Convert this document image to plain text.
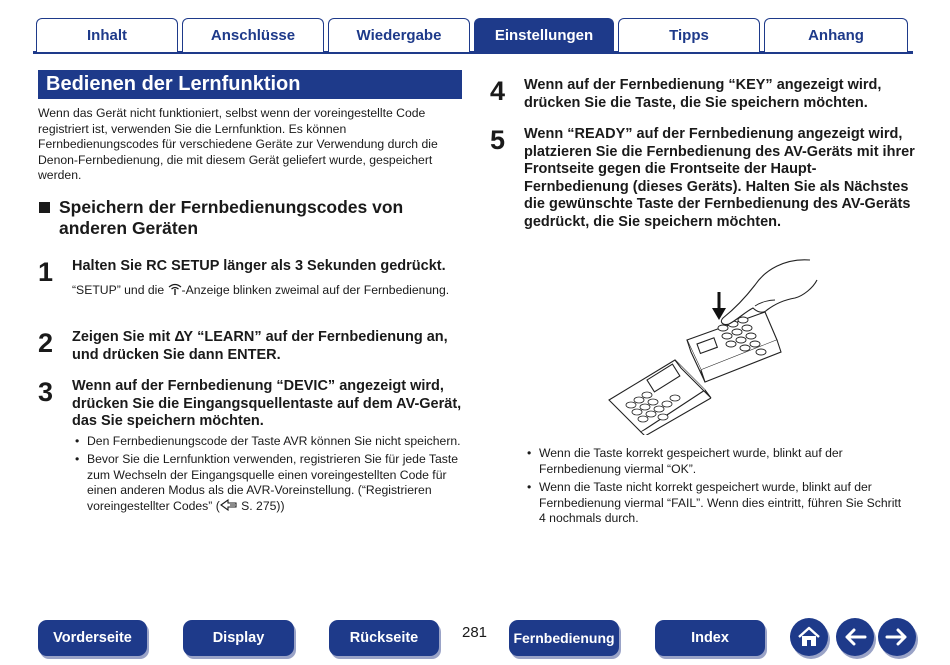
Inhalt	Anschlüsse	Wiedergabe	Einstellungen	Tipps	Anhang
Bedienen der Lernfunktion
Wenn das Gerät nicht funktioniert, selbst wenn der voreingestellte Code registriert ist, verwenden Sie die Lernfunktion. Es können Fernbedienungscodes für verschiedene Geräte zur Verwendung durch die Denon-Fernbedienung, die mit diesem Gerät geliefert wurde, gespeichert werden.
Speichern der Fernbedienungscodes von anderen Geräten
1	Halten Sie RC SETUP länger als 3 Sekunden gedrückt.
“SETUP” und die -Anzeige blinken zweimal auf der Fernbedienung.
2	Zeigen Sie mit ΔΥ “LEARN” auf der Fernbedienung an, und drücken Sie dann ENTER.
3	Wenn auf der Fernbedienung “DEVIC” angezeigt wird, drücken Sie die Eingangsquellentaste auf dem AV-Gerät, das Sie speichern möchten.
• Den Fernbedienungscode der Taste AVR können Sie nicht speichern.
• Bevor Sie die Lernfunktion verwenden, registrieren Sie für jede Taste zum Wechseln der Eingangsquelle einen voreingestellten Code für einen anderen Modus als die AVR-Voreinstellung. (“Registrieren voreingestellter Codes” ( S. 275))
4	Wenn auf der Fernbedienung “KEY” angezeigt wird, drücken Sie die Taste, die Sie speichern möchten.
5	Wenn “READY” auf der Fernbedienung angezeigt wird, platzieren Sie die Fernbedienung des AV-Geräts mit ihrer Frontseite gegen die Frontseite der Haupt-Fernbedienung (dieses Geräts). Halten Sie als Nächstes die gewünschte Taste der Fernbedienung des AV-Geräts gedrückt, die Sie speichern möchten.
• Wenn die Taste korrekt gespeichert wurde, blinkt auf der Fernbedienung viermal “OK”.
• Wenn die Taste nicht korrekt gespeichert wurde, blinkt auf der Fernbedienung viermal “FAIL”. Wenn dies eintritt, führen Sie Schritt 4 nochmals durch.
Vorderseite	Display	Rückseite	281	Fernbedienung	Index
